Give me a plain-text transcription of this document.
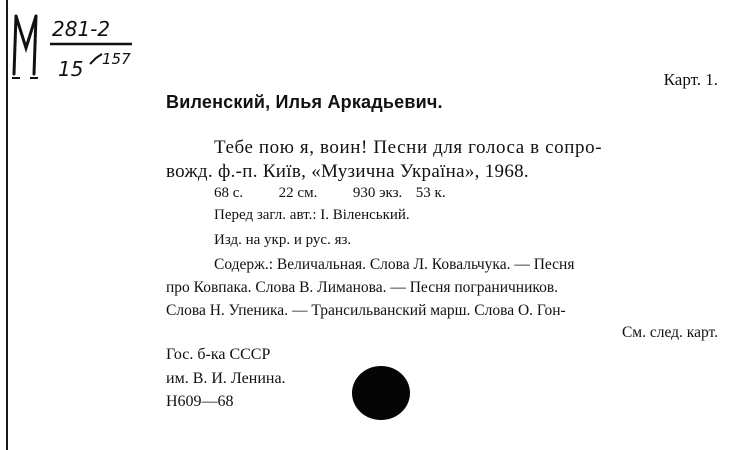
281-2
15 157
Карт. 1.
Виленский, Илья Аркадьевич.
Тебе пою я, воин! Песни для голоса в сопро-
вожд. ф.-п. Київ, «Музична Україна», 1968.
68 с. 22 см. 930 экз. 53 к.
Перед загл. авт.: І. Віленський.
Изд. на укр. и рус. яз.
Содерж.: Величальная. Слова Л. Ковальчука. — Песня
про Ковпака. Слова В. Лиманова. — Песня пограничников.
Слова Н. Упеника. — Трансильванский марш. Слова О. Гон-
См. след. карт.
Гос. б-ка СССР
им. В. И. Ленина.
Н609—68
